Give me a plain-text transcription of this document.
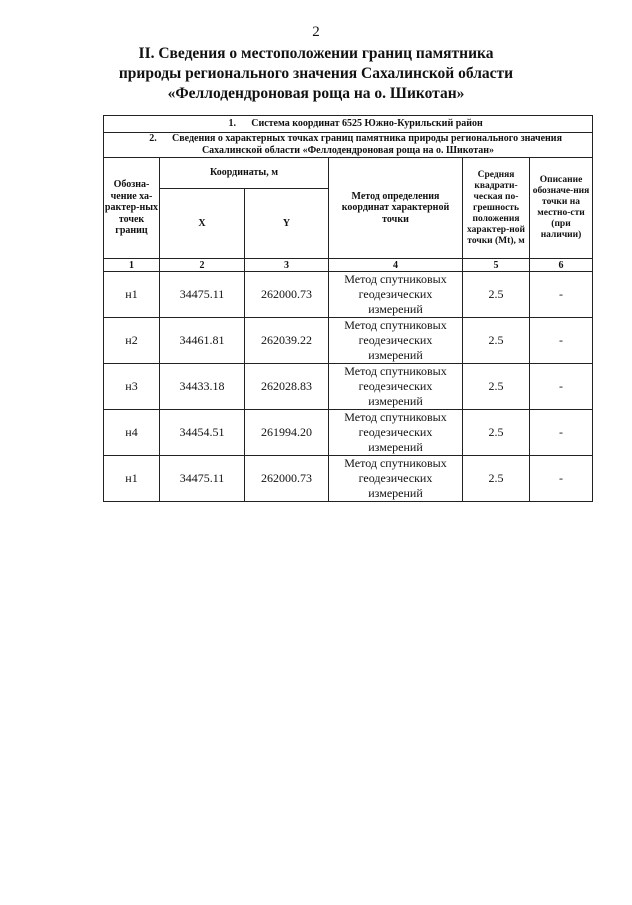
2
II. Сведения о местоположении границ памятника
природы регионального значения Сахалинской области
«Феллодендроновая роща на о. Шикотан»
1. Система координат 6525 Южно-Курильский район					
2. Сведения о характерных точках границ памятника природы регионального значения Сахалинской области «Феллодендроновая роща на о. Шикотан»					
Обозна-чение ха-рактер-ных точек границ	Координаты, м		Метод определения координат характерной точки	Средняя квадрати-ческая по-грешность положения характер-ной точки (Mt), м	Описание обозначе-ния точки на местно-сти (при наличии)
	X	Y			
1	2	3	4	5	6
н1	34475.11	262000.73	Метод спутниковых геодезических измерений	2.5	-
н2	34461.81	262039.22	Метод спутниковых геодезических измерений	2.5	-
н3	34433.18	262028.83	Метод спутниковых геодезических измерений	2.5	-
н4	34454.51	261994.20	Метод спутниковых геодезических измерений	2.5	-
н1	34475.11	262000.73	Метод спутниковых геодезических измерений	2.5	-
